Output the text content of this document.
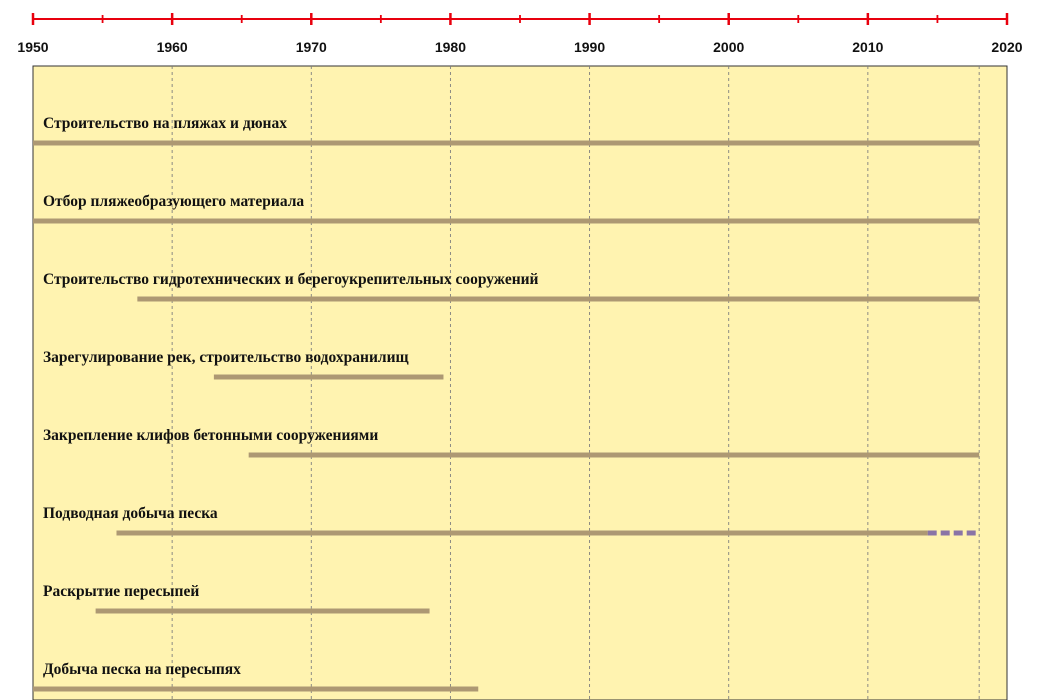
1950	1960	1970	1980	1990	2000	2010	2020
Строительство на пляжах и дюнах
Отбор пляжеобразующего материала
Строительство гидротехнических и берегоукрепительных сооружений
Зарегулирование рек, строительство водохранилищ
Закрепление клифов бетонными сооружениями
Подводная добыча песка
Раскрытие пересыпей
Добыча песка на пересыпях
